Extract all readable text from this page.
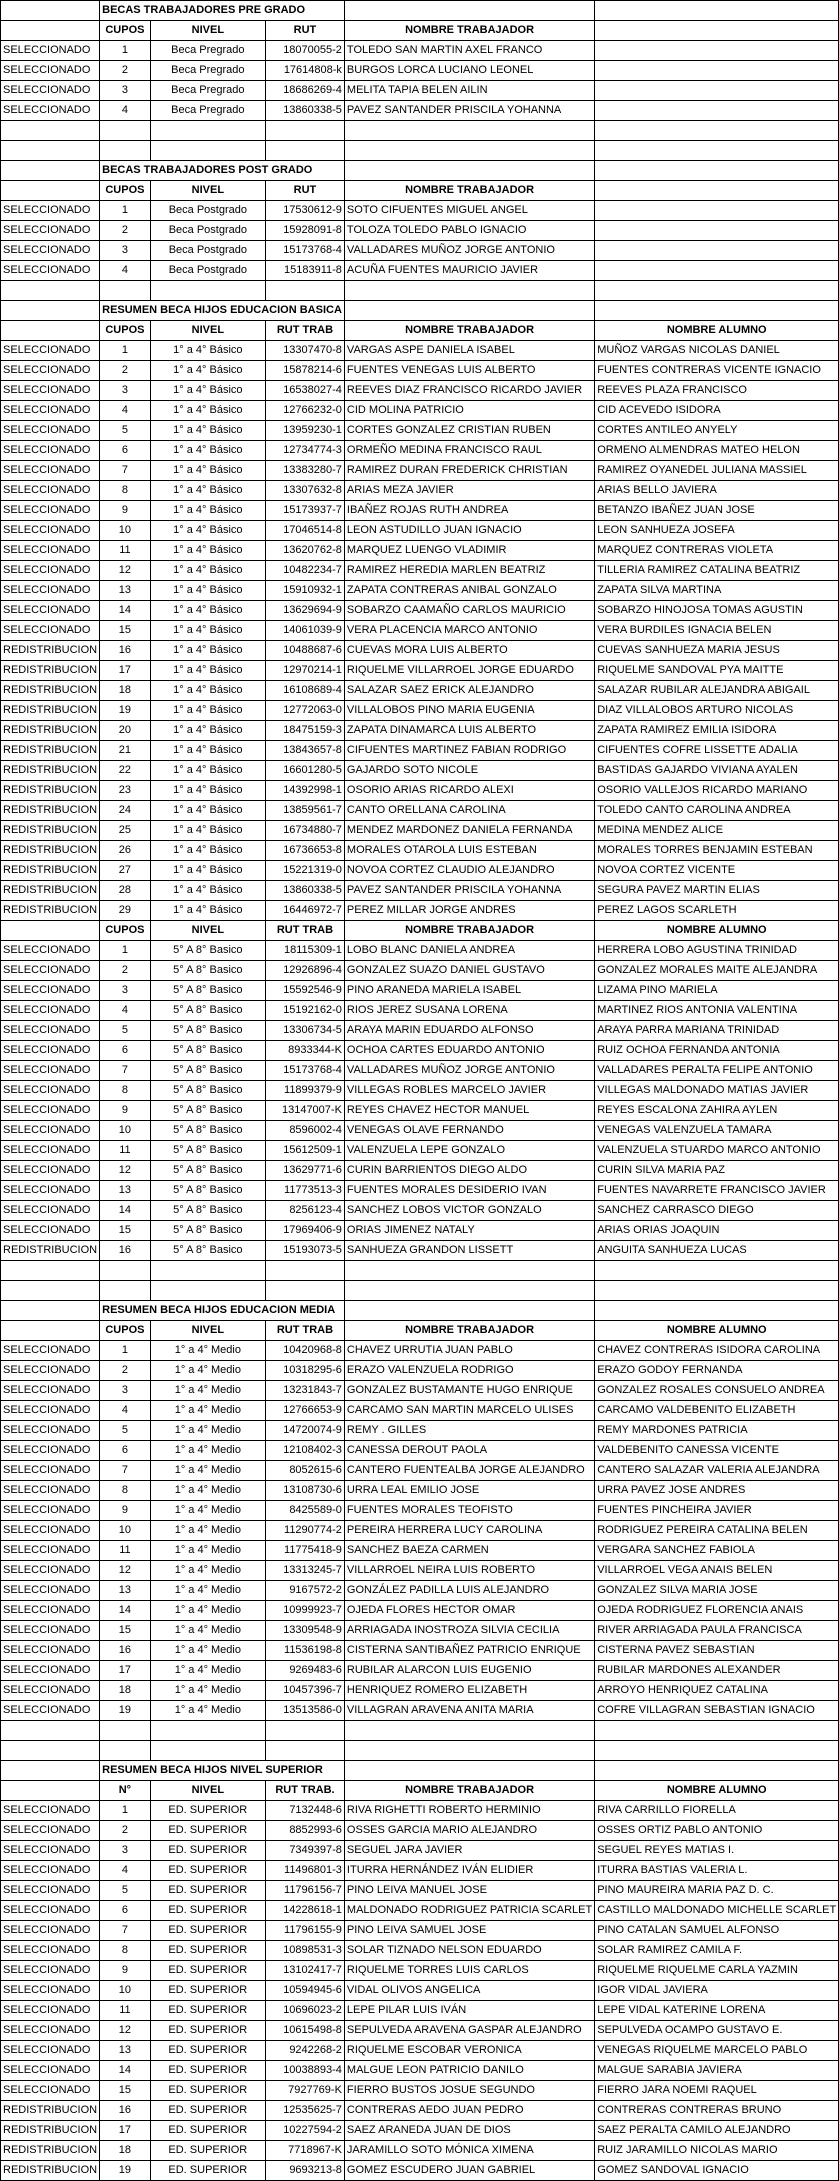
	BECAS TRABAJADORES PRE GRADO				
	CUPOS	NIVEL	RUT	NOMBRE TRABAJADOR	
SELECCIONADO	1	Beca Pregrado	18070055-2	TOLEDO SAN MARTIN AXEL FRANCO	
SELECCIONADO	2	Beca Pregrado	17614808-k	BURGOS LORCA LUCIANO LEONEL	
SELECCIONADO	3	Beca Pregrado	18686269-4	MELITA TAPIA BELEN AILIN	
SELECCIONADO	4	Beca Pregrado	13860338-5	PAVEZ SANTANDER PRISCILA YOHANNA	

	BECAS TRABAJADORES POST GRADO				
	CUPOS	NIVEL	RUT	NOMBRE TRABAJADOR	
SELECCIONADO	1	Beca Postgrado	17530612-9	SOTO CIFUENTES MIGUEL ANGEL	
SELECCIONADO	2	Beca Postgrado	15928091-8	TOLOZA TOLEDO PABLO IGNACIO	
SELECCIONADO	3	Beca Postgrado	15173768-4	VALLADARES MUÑOZ JORGE ANTONIO	
SELECCIONADO	4	Beca Postgrado	15183911-8	ACUÑA FUENTES MAURICIO JAVIER	

	RESUMEN BECA HIJOS EDUCACION BASICA				
	CUPOS	NIVEL	RUT TRAB	NOMBRE TRABAJADOR	NOMBRE ALUMNO
SELECCIONADO	1	1° a 4° Básico	13307470-8	VARGAS ASPE DANIELA ISABEL	MUÑOZ VARGAS NICOLAS DANIEL
SELECCIONADO	2	1° a 4° Básico	15878214-6	FUENTES VENEGAS LUIS ALBERTO	FUENTES CONTRERAS VICENTE IGNACIO
SELECCIONADO	3	1° a 4° Básico	16538027-4	REEVES DIAZ FRANCISCO RICARDO JAVIER	REEVES PLAZA FRANCISCO
SELECCIONADO	4	1° a 4° Básico	12766232-0	CID MOLINA PATRICIO	CID ACEVEDO ISIDORA
SELECCIONADO	5	1° a 4° Básico	13959230-1	CORTES GONZALEZ CRISTIAN RUBEN	CORTES ANTILEO ANYELY
SELECCIONADO	6	1° a 4° Básico	12734774-3	ORMEÑO MEDINA FRANCISCO RAUL	ORMENO ALMENDRAS MATEO HELON
SELECCIONADO	7	1° a 4° Básico	13383280-7	RAMIREZ DURAN FREDERICK CHRISTIAN	RAMIREZ OYANEDEL JULIANA MASSIEL
SELECCIONADO	8	1° a 4° Básico	13307632-8	ARIAS MEZA JAVIER	ARIAS BELLO JAVIERA
SELECCIONADO	9	1° a 4° Básico	15173937-7	IBAÑEZ ROJAS RUTH ANDREA	BETANZO IBAÑEZ JUAN JOSE
SELECCIONADO	10	1° a 4° Básico	17046514-8	LEON ASTUDILLO JUAN IGNACIO	LEON SANHUEZA JOSEFA
SELECCIONADO	11	1° a 4° Básico	13620762-8	MARQUEZ LUENGO VLADIMIR	MARQUEZ CONTRERAS VIOLETA
SELECCIONADO	12	1° a 4° Básico	10482234-7	RAMIREZ HEREDIA MARLEN BEATRIZ	TILLERIA RAMIREZ CATALINA BEATRIZ
SELECCIONADO	13	1° a 4° Básico	15910932-1	ZAPATA CONTRERAS ANIBAL GONZALO	ZAPATA SILVA MARTINA
SELECCIONADO	14	1° a 4° Básico	13629694-9	SOBARZO CAAMAÑO CARLOS MAURICIO	SOBARZO HINOJOSA TOMAS AGUSTIN
SELECCIONADO	15	1° a 4° Básico	14061039-9	VERA PLACENCIA MARCO ANTONIO	VERA BURDILES IGNACIA BELEN
REDISTRIBUCION	16	1° a 4° Básico	10488687-6	CUEVAS MORA LUIS ALBERTO	CUEVAS SANHUEZA MARIA JESUS
REDISTRIBUCION	17	1° a 4° Básico	12970214-1	RIQUELME VILLARROEL JORGE EDUARDO	RIQUELME SANDOVAL PYA MAITTE
REDISTRIBUCION	18	1° a 4° Básico	16108689-4	SALAZAR SAEZ ERICK ALEJANDRO	SALAZAR RUBILAR ALEJANDRA ABIGAIL
REDISTRIBUCION	19	1° a 4° Básico	12772063-0	VILLALOBOS PINO MARIA EUGENIA	DIAZ VILLALOBOS ARTURO NICOLAS
REDISTRIBUCION	20	1° a 4° Básico	18475159-3	ZAPATA DINAMARCA LUIS ALBERTO	ZAPATA RAMIREZ EMILIA ISIDORA
REDISTRIBUCION	21	1° a 4° Básico	13843657-8	CIFUENTES MARTINEZ FABIAN RODRIGO	CIFUENTES COFRE LISSETTE ADALIA
REDISTRIBUCION	22	1° a 4° Básico	16601280-5	GAJARDO SOTO NICOLE	BASTIDAS GAJARDO VIVIANA AYALEN
REDISTRIBUCION	23	1° a 4° Básico	14392998-1	OSORIO ARIAS RICARDO ALEXI	OSORIO VALLEJOS RICARDO MARIANO
REDISTRIBUCION	24	1° a 4° Básico	13859561-7	CANTO ORELLANA CAROLINA	TOLEDO CANTO CAROLINA ANDREA
REDISTRIBUCION	25	1° a 4° Básico	16734880-7	MENDEZ MARDONEZ DANIELA FERNANDA	MEDINA MENDEZ ALICE
REDISTRIBUCION	26	1° a 4° Básico	16736653-8	MORALES OTAROLA LUIS ESTEBAN	MORALES TORRES BENJAMIN ESTEBAN
REDISTRIBUCION	27	1° a 4° Básico	15221319-0	NOVOA CORTEZ CLAUDIO ALEJANDRO	NOVOA CORTEZ VICENTE
REDISTRIBUCION	28	1° a 4° Básico	13860338-5	PAVEZ SANTANDER PRISCILA YOHANNA	SEGURA PAVEZ MARTIN ELIAS
REDISTRIBUCION	29	1° a 4° Básico	16446972-7	PEREZ MILLAR JORGE ANDRES	PEREZ LAGOS SCARLETH
	CUPOS	NIVEL	RUT TRAB	NOMBRE TRABAJADOR	NOMBRE ALUMNO
SELECCIONADO	1	5° A 8° Basico	18115309-1	LOBO BLANC DANIELA ANDREA	HERRERA LOBO AGUSTINA TRINIDAD
SELECCIONADO	2	5° A 8° Basico	12926896-4	GONZALEZ SUAZO DANIEL GUSTAVO	GONZALEZ MORALES MAITE ALEJANDRA
SELECCIONADO	3	5° A 8° Basico	15592546-9	PINO ARANEDA MARIELA ISABEL	LIZAMA PINO MARIELA
SELECCIONADO	4	5° A 8° Basico	15192162-0	RIOS JEREZ SUSANA LORENA	MARTINEZ RIOS ANTONIA VALENTINA
SELECCIONADO	5	5° A 8° Basico	13306734-5	ARAYA MARIN EDUARDO ALFONSO	ARAYA PARRA MARIANA TRINIDAD
SELECCIONADO	6	5° A 8° Basico	8933344-K	OCHOA CARTES EDUARDO ANTONIO	RUIZ OCHOA FERNANDA ANTONIA
SELECCIONADO	7	5° A 8° Basico	15173768-4	VALLADARES MUÑOZ JORGE ANTONIO	VALLADARES PERALTA FELIPE ANTONIO
SELECCIONADO	8	5° A 8° Basico	11899379-9	VILLEGAS ROBLES MARCELO JAVIER	VILLEGAS MALDONADO MATIAS JAVIER
SELECCIONADO	9	5° A 8° Basico	13147007-K	REYES CHAVEZ HECTOR MANUEL	REYES ESCALONA ZAHIRA AYLEN
SELECCIONADO	10	5° A 8° Basico	8596002-4	VENEGAS OLAVE FERNANDO	VENEGAS VALENZUELA TAMARA
SELECCIONADO	11	5° A 8° Basico	15612509-1	VALENZUELA LEPE GONZALO	VALENZUELA STUARDO MARCO ANTONIO
SELECCIONADO	12	5° A 8° Basico	13629771-6	CURIN BARRIENTOS DIEGO ALDO	CURIN SILVA MARIA PAZ
SELECCIONADO	13	5° A 8° Basico	11773513-3	FUENTES MORALES DESIDERIO IVAN	FUENTES NAVARRETE FRANCISCO JAVIER
SELECCIONADO	14	5° A 8° Basico	8256123-4	SANCHEZ LOBOS VICTOR GONZALO	SANCHEZ CARRASCO DIEGO
SELECCIONADO	15	5° A 8° Basico	17969406-9	ORIAS JIMENEZ NATALY	ARIAS ORIAS JOAQUIN
REDISTRIBUCION	16	5° A 8° Basico	15193073-5	SANHUEZA GRANDON LISSETT	ANGUITA SANHUEZA LUCAS

	RESUMEN BECA HIJOS EDUCACION MEDIA				
	CUPOS	NIVEL	RUT TRAB	NOMBRE TRABAJADOR	NOMBRE ALUMNO
SELECCIONADO	1	1° a 4° Medio	10420968-8	CHAVEZ URRUTIA JUAN PABLO	CHAVEZ CONTRERAS ISIDORA CAROLINA
SELECCIONADO	2	1° a 4° Medio	10318295-6	ERAZO VALENZUELA RODRIGO	ERAZO GODOY FERNANDA
SELECCIONADO	3	1° a 4° Medio	13231843-7	GONZALEZ BUSTAMANTE HUGO ENRIQUE	GONZALEZ ROSALES CONSUELO ANDREA
SELECCIONADO	4	1° a 4° Medio	12766653-9	CARCAMO SAN MARTIN MARCELO ULISES	CARCAMO VALDEBENITO ELIZABETH
SELECCIONADO	5	1° a 4° Medio	14720074-9	REMY . GILLES	REMY MARDONES PATRICIA
SELECCIONADO	6	1° a 4° Medio	12108402-3	CANESSA DEROUT PAOLA	VALDEBENITO CANESSA VICENTE
SELECCIONADO	7	1° a 4° Medio	8052615-6	CANTERO FUENTEALBA JORGE ALEJANDRO	CANTERO SALAZAR VALERIA ALEJANDRA
SELECCIONADO	8	1° a 4° Medio	13108730-6	URRA LEAL EMILIO JOSE	URRA PAVEZ JOSE ANDRES
SELECCIONADO	9	1° a 4° Medio	8425589-0	FUENTES MORALES TEOFISTO	FUENTES PINCHEIRA JAVIER
SELECCIONADO	10	1° a 4° Medio	11290774-2	PEREIRA HERRERA LUCY CAROLINA	RODRIGUEZ PEREIRA CATALINA BELEN
SELECCIONADO	11	1° a 4° Medio	11775418-9	SANCHEZ BAEZA CARMEN	VERGARA SANCHEZ FABIOLA
SELECCIONADO	12	1° a 4° Medio	13313245-7	VILLARROEL NEIRA LUIS ROBERTO	VILLARROEL VEGA ANAIS BELEN
SELECCIONADO	13	1° a 4° Medio	9167572-2	GONZÁLEZ PADILLA LUIS ALEJANDRO	GONZALEZ SILVA MARIA JOSE
SELECCIONADO	14	1° a 4° Medio	10999923-7	OJEDA FLORES HECTOR OMAR	OJEDA RODRIGUEZ FLORENCIA ANAIS
SELECCIONADO	15	1° a 4° Medio	13309548-9	ARRIAGADA INOSTROZA SILVIA CECILIA	RIVER ARRIAGADA PAULA FRANCISCA
SELECCIONADO	16	1° a 4° Medio	11536198-8	CISTERNA SANTIBAÑEZ PATRICIO ENRIQUE	CISTERNA PAVEZ SEBASTIAN
SELECCIONADO	17	1° a 4° Medio	9269483-6	RUBILAR ALARCON LUIS EUGENIO	RUBILAR MARDONES ALEXANDER
SELECCIONADO	18	1° a 4° Medio	10457396-7	HENRIQUEZ ROMERO ELIZABETH	ARROYO HENRIQUEZ CATALINA
SELECCIONADO	19	1° a 4° Medio	13513586-0	VILLAGRAN ARAVENA ANITA MARIA	COFRE VILLAGRAN SEBASTIAN IGNACIO

	RESUMEN BECA HIJOS NIVEL SUPERIOR				
	N°	NIVEL	RUT TRAB.	NOMBRE TRABAJADOR	NOMBRE ALUMNO
SELECCIONADO	1	ED. SUPERIOR	7132448-6	RIVA RIGHETTI ROBERTO HERMINIO	RIVA CARRILLO FIORELLA
SELECCIONADO	2	ED. SUPERIOR	8852993-6	OSSES GARCIA MARIO ALEJANDRO	OSSES ORTIZ PABLO ANTONIO
SELECCIONADO	3	ED. SUPERIOR	7349397-8	SEGUEL JARA JAVIER	SEGUEL REYES MATIAS I.
SELECCIONADO	4	ED. SUPERIOR	11496801-3	ITURRA HERNÁNDEZ IVÁN ELIDIER	ITURRA BASTIAS VALERIA L.
SELECCIONADO	5	ED. SUPERIOR	11796156-7	PINO LEIVA MANUEL JOSE	PINO MAUREIRA MARIA PAZ D. C.
SELECCIONADO	6	ED. SUPERIOR	14228618-1	MALDONADO RODRIGUEZ PATRICIA SCARLET	CASTILLO MALDONADO MICHELLE SCARLET
SELECCIONADO	7	ED. SUPERIOR	11796155-9	PINO LEIVA SAMUEL JOSE	PINO CATALAN SAMUEL ALFONSO
SELECCIONADO	8	ED. SUPERIOR	10898531-3	SOLAR TIZNADO NELSON EDUARDO	SOLAR RAMIREZ CAMILA F.
SELECCIONADO	9	ED. SUPERIOR	13102417-7	RIQUELME TORRES LUIS CARLOS	RIQUELME RIQUELME CARLA YAZMIN
SELECCIONADO	10	ED. SUPERIOR	10594945-6	VIDAL OLIVOS ANGELICA	IGOR VIDAL JAVIERA
SELECCIONADO	11	ED. SUPERIOR	10696023-2	LEPE PILAR LUIS IVÁN	LEPE VIDAL KATERINE LORENA
SELECCIONADO	12	ED. SUPERIOR	10615498-8	SEPULVEDA ARAVENA GASPAR ALEJANDRO	SEPULVEDA OCAMPO GUSTAVO E.
SELECCIONADO	13	ED. SUPERIOR	9242268-2	RIQUELME ESCOBAR VERONICA	VENEGAS RIQUELME MARCELO PABLO
SELECCIONADO	14	ED. SUPERIOR	10038893-4	MALGUE LEON PATRICIO DANILO	MALGUE SARABIA JAVIERA
SELECCIONADO	15	ED. SUPERIOR	7927769-K	FIERRO BUSTOS JOSUE SEGUNDO	FIERRO JARA NOEMI RAQUEL
REDISTRIBUCION	16	ED. SUPERIOR	12535625-7	CONTRERAS AEDO JUAN PEDRO	CONTRERAS CONTRERAS BRUNO
REDISTRIBUCION	17	ED. SUPERIOR	10227594-2	SAEZ ARANEDA JUAN DE DIOS	SAEZ PERALTA CAMILO ALEJANDRO
REDISTRIBUCION	18	ED. SUPERIOR	7718967-K	JARAMILLO SOTO MÓNICA XIMENA	RUIZ JARAMILLO NICOLAS MARIO
REDISTRIBUCION	19	ED. SUPERIOR	9693213-8	GOMEZ ESCUDERO JUAN GABRIEL	GOMEZ SANDOVAL IGNACIO
